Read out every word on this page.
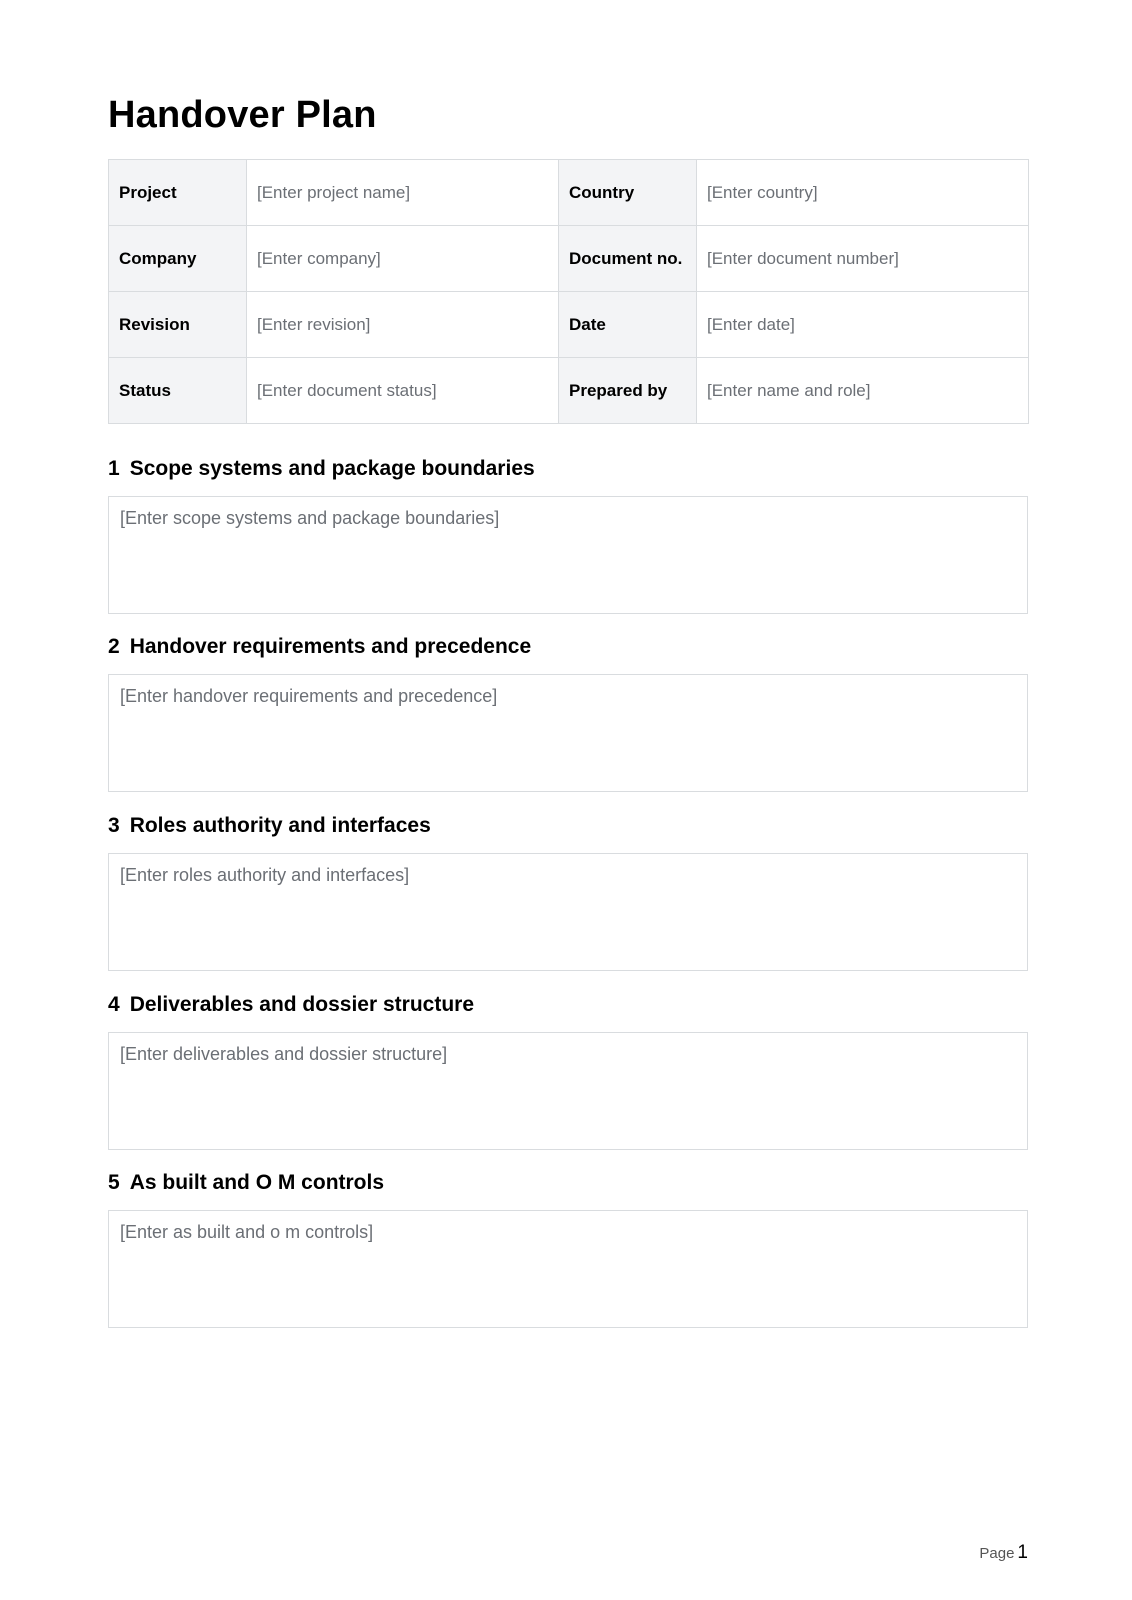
Handover Plan
Project	[Enter project name]	Country	[Enter country]
Company	[Enter company]	Document no.	[Enter document number]
Revision	[Enter revision]	Date	[Enter date]
Status	[Enter document status]	Prepared by	[Enter name and role]
1 Scope systems and package boundaries
[Enter scope systems and package boundaries]
2 Handover requirements and precedence
[Enter handover requirements and precedence]
3 Roles authority and interfaces
[Enter roles authority and interfaces]
4 Deliverables and dossier structure
[Enter deliverables and dossier structure]
5 As built and O M controls
[Enter as built and o m controls]
Page 1
